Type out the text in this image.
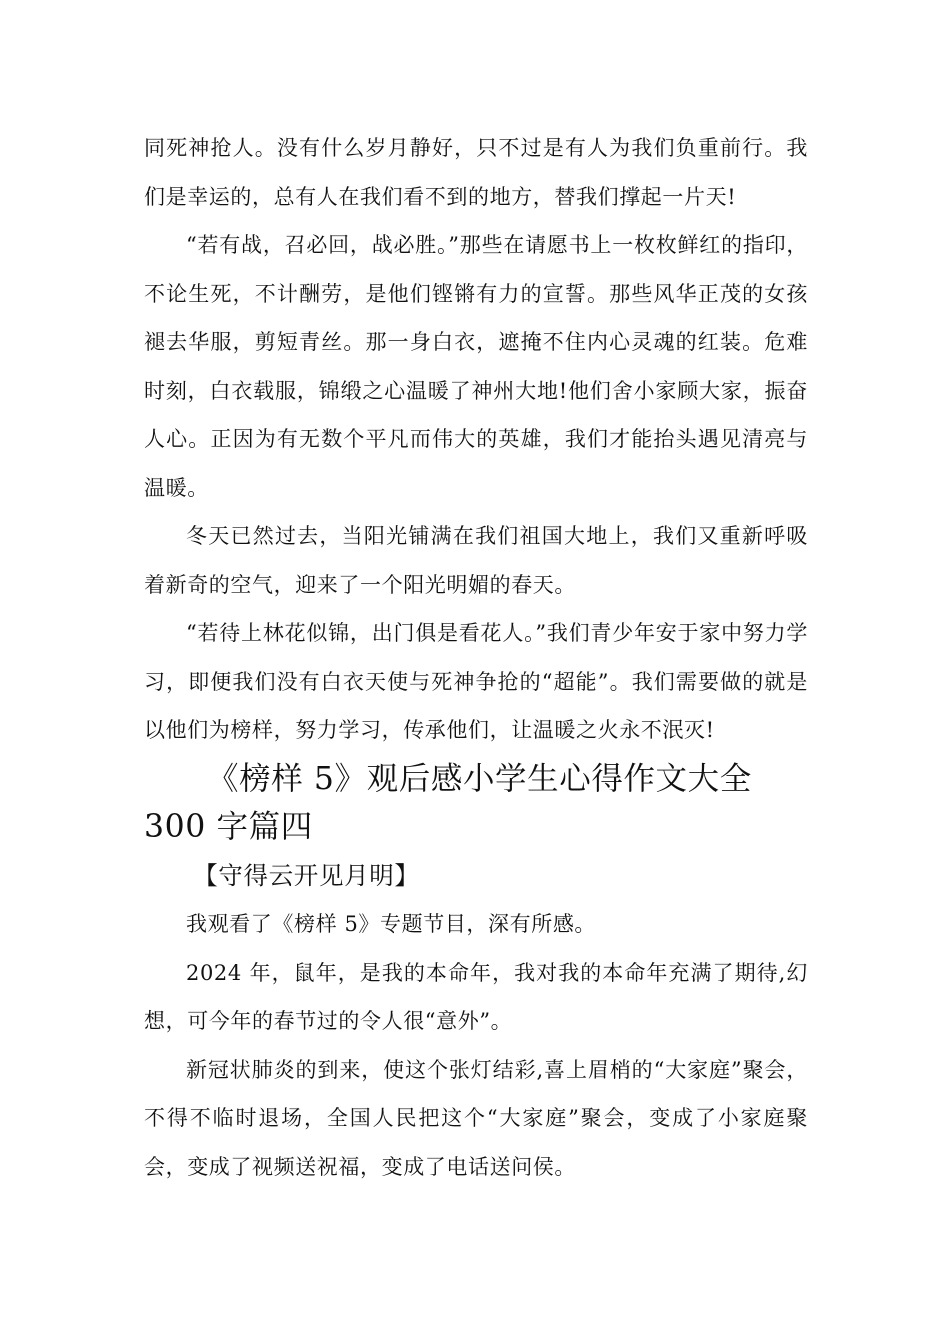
同死神抢人。没有什么岁月静好，只不过是有人为我们负重前行。我们是幸运的，总有人在我们看不到的地方，替我们撑起一片天!

“若有战，召必回，战必胜。”那些在请愿书上一枚枚鲜红的指印，不论生死，不计酬劳，是他们铿锵有力的宣誓。那些风华正茂的女孩褪去华服，剪短青丝。那一身白衣，遮掩不住内心灵魂的红装。危难时刻，白衣载服，锦缎之心温暖了神州大地!他们舍小家顾大家，振奋人心。正因为有无数个平凡而伟大的英雄，我们才能抬头遇见清亮与温暖。

冬天已然过去，当阳光铺满在我们祖国大地上，我们又重新呼吸着新奇的空气，迎来了一个阳光明媚的春天。

“若待上林花似锦，出门俱是看花人。”我们青少年安于家中努力学习，即便我们没有白衣天使与死神争抢的“超能”。我们需要做的就是以他们为榜样，努力学习，传承他们，让温暖之火永不泯灭!

《榜样 5》观后感小学生心得作文大全 300 字篇四
【守得云开见月明】

我观看了《榜样 5》专题节目，深有所感。

2024 年，鼠年，是我的本命年，我对我的本命年充满了期待,幻想，可今年的春节过的令人很“意外”。

新冠状肺炎的到来，使这个张灯结彩,喜上眉梢的“大家庭”聚会，不得不临时退场，全国人民把这个“大家庭”聚会，变成了小家庭聚会，变成了视频送祝福，变成了电话送问侯。
